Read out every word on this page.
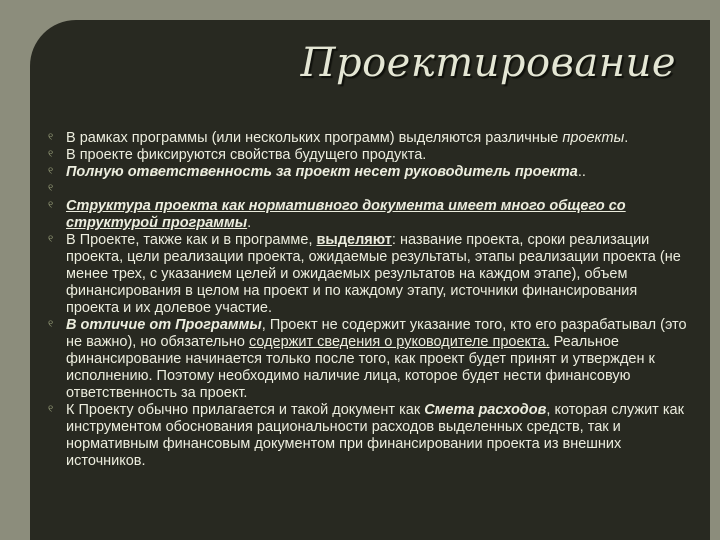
Проектирование
୧ В рамках программы (или нескольких программ) выделяются различные проекты.
୧ В проекте фиксируются свойства будущего продукта.
୧ Полную ответственность за проект несет руководитель проекта..
୧
୧ Структура проекта как нормативного документа имеет много общего со структурой программы.
୧ В Проекте, также как и в программе, выделяют: название проекта, сроки реализации проекта, цели реализации проекта, ожидаемые результаты, этапы реализации проекта (не менее трех, с указанием целей и ожидаемых результатов на каждом этапе), объем финансирования в целом на проект и по каждому этапу, источники финансирования проекта и их долевое участие.
୧ В отличие от Программы, Проект не содержит указание того, кто его разрабатывал (это не важно), но обязательно содержит сведения о руководителе проекта. Реальное финансирование начинается только после того, как проект будет принят и утвержден к исполнению. Поэтому необходимо наличие лица, которое будет нести финансовую ответственность за проект.
୧ К Проекту обычно прилагается и такой документ как Смета расходов, которая служит как инструментом обоснования рациональности расходов выделенных средств, так и нормативным финансовым документом при финансировании проекта из внешних источников.
